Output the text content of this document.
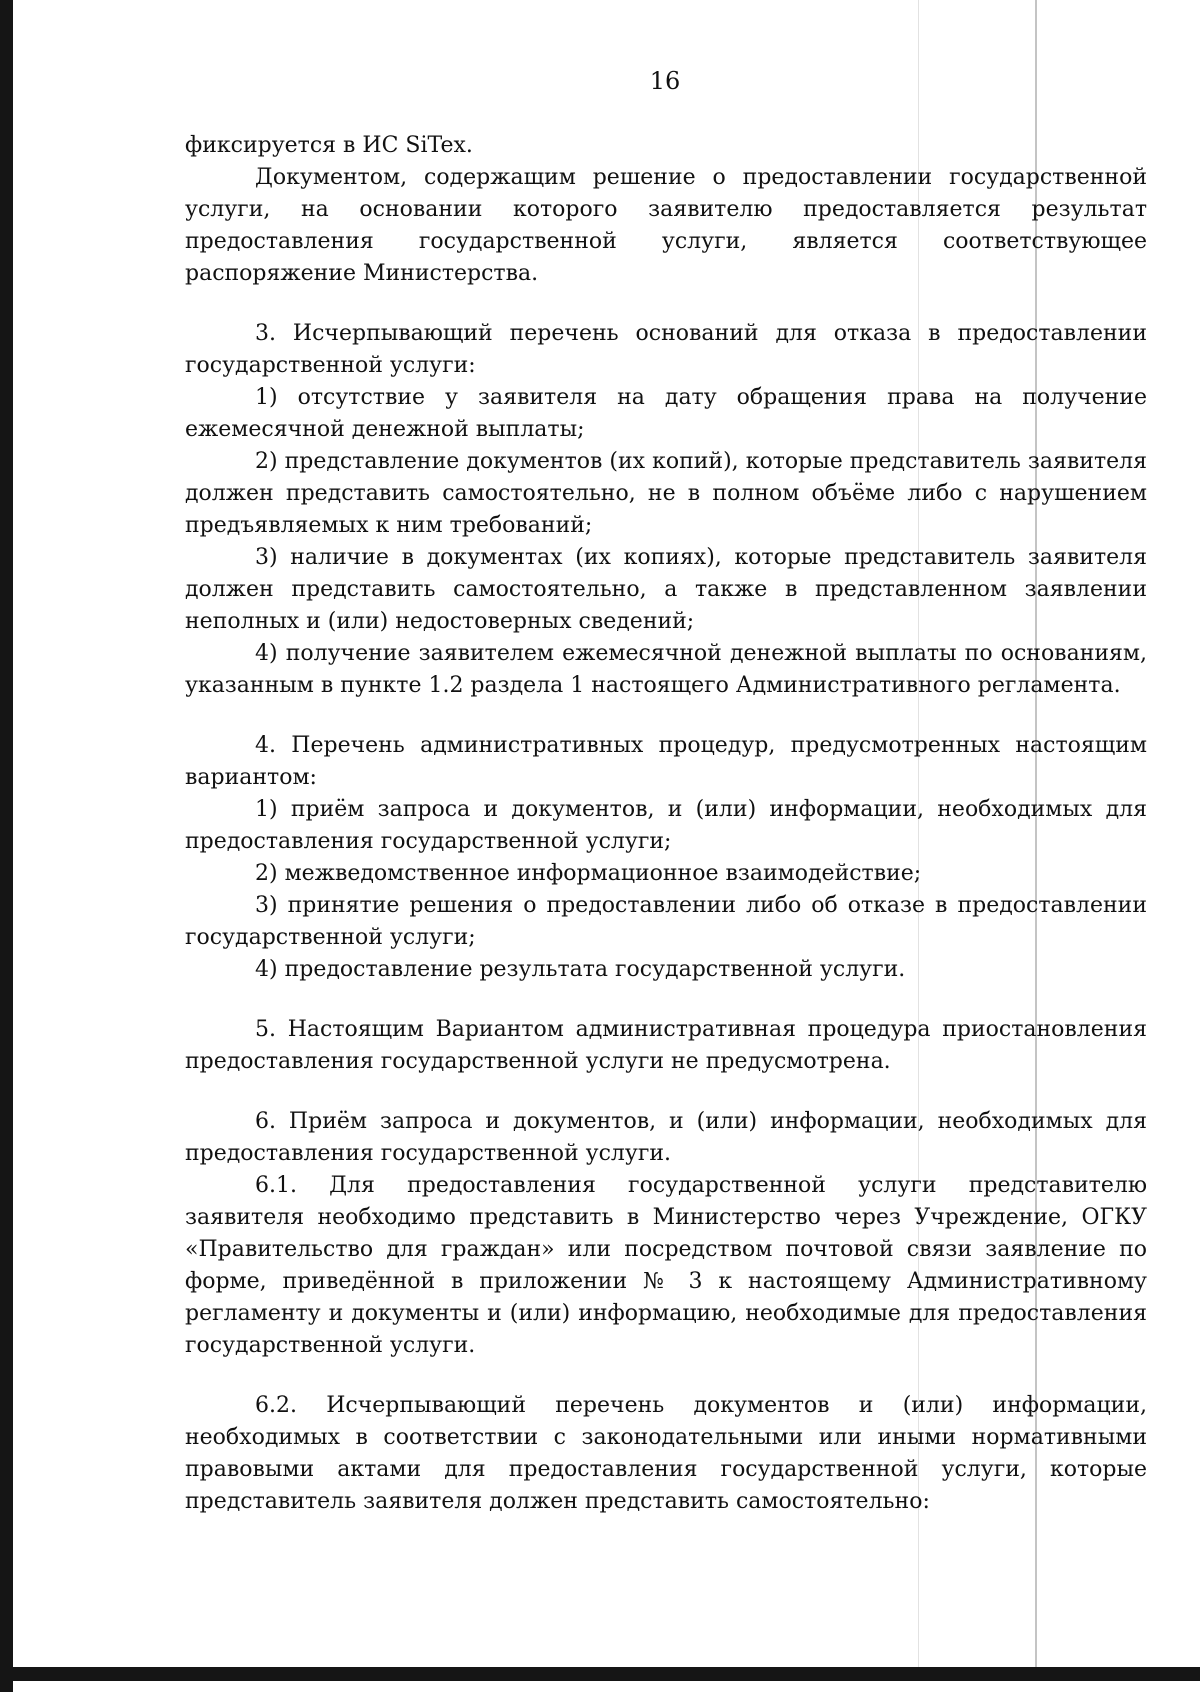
16

фиксируется в ИС SiTex.

Документом, содержащим решение о предоставлении государственной услуги, на основании которого заявителю предоставляется результат предоставления государственной услуги, является соответствующее распоряжение Министерства.

3. Исчерпывающий перечень оснований для отказа в предоставлении государственной услуги:

1) отсутствие у заявителя на дату обращения права на получение ежемесячной денежной выплаты;

2) представление документов (их копий), которые представитель заявителя должен представить самостоятельно, не в полном объёме либо с нарушением предъявляемых к ним требований;

3) наличие в документах (их копиях), которые представитель заявителя должен представить самостоятельно, а также в представленном заявлении неполных и (или) недостоверных сведений;

4) получение заявителем ежемесячной денежной выплаты по основаниям, указанным в пункте 1.2 раздела 1 настоящего Административного регламента.

4. Перечень административных процедур, предусмотренных настоящим вариантом:

1) приём запроса и документов, и (или) информации, необходимых для предоставления государственной услуги;

2) межведомственное информационное взаимодействие;

3) принятие решения о предоставлении либо об отказе в предоставлении государственной услуги;

4) предоставление результата государственной услуги.

5. Настоящим Вариантом административная процедура приостановления предоставления государственной услуги не предусмотрена.

6. Приём запроса и документов, и (или) информации, необходимых для предоставления государственной услуги.

6.1. Для предоставления государственной услуги представителю заявителя необходимо представить в Министерство через Учреждение, ОГКУ «Правительство для граждан» или посредством почтовой связи заявление по форме, приведённой в приложении № 3 к настоящему Административному регламенту и документы и (или) информацию, необходимые для предоставления государственной услуги.

6.2. Исчерпывающий перечень документов и (или) информации, необходимых в соответствии с законодательными или иными нормативными правовыми актами для предоставления государственной услуги, которые представитель заявителя должен представить самостоятельно:
